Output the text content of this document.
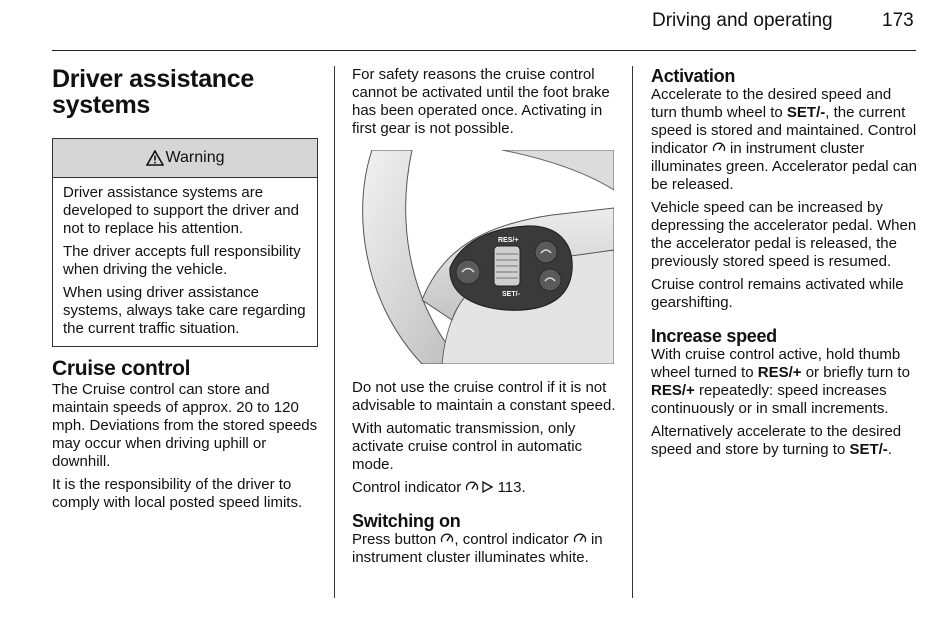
Driving and operating	173
Driver assistance systems
Warning

Driver assistance systems are developed to support the driver and not to replace his attention.

The driver accepts full responsibility when driving the vehicle.

When using driver assistance systems, always take care regarding the current traffic situation.

Cruise control

The Cruise control can store and maintain speeds of approx. 20 to 120 mph. Deviations from the stored speeds may occur when driving uphill or downhill.

It is the responsibility of the driver to comply with local posted speed limits.

For safety reasons the cruise control cannot be activated until the foot brake has been operated once. Activating in first gear is not possible.

RES/+
SET/-

Do not use the cruise control if it is not advisable to maintain a constant speed.

With automatic transmission, only activate cruise control in automatic mode.

Control indicator  113.

Switching on

Press button , control indicator  in instrument cluster illuminates white.

Activation

Accelerate to the desired speed and turn thumb wheel to SET/-, the current speed is stored and maintained. Control indicator  in instrument cluster illuminates green. Accelerator pedal can be released.

Vehicle speed can be increased by depressing the accelerator pedal. When the accelerator pedal is released, the previously stored speed is resumed.

Cruise control remains activated while gearshifting.

Increase speed

With cruise control active, hold thumb wheel turned to RES/+ or briefly turn to RES/+ repeatedly: speed increases continuously or in small increments.

Alternatively accelerate to the desired speed and store by turning to SET/-.
